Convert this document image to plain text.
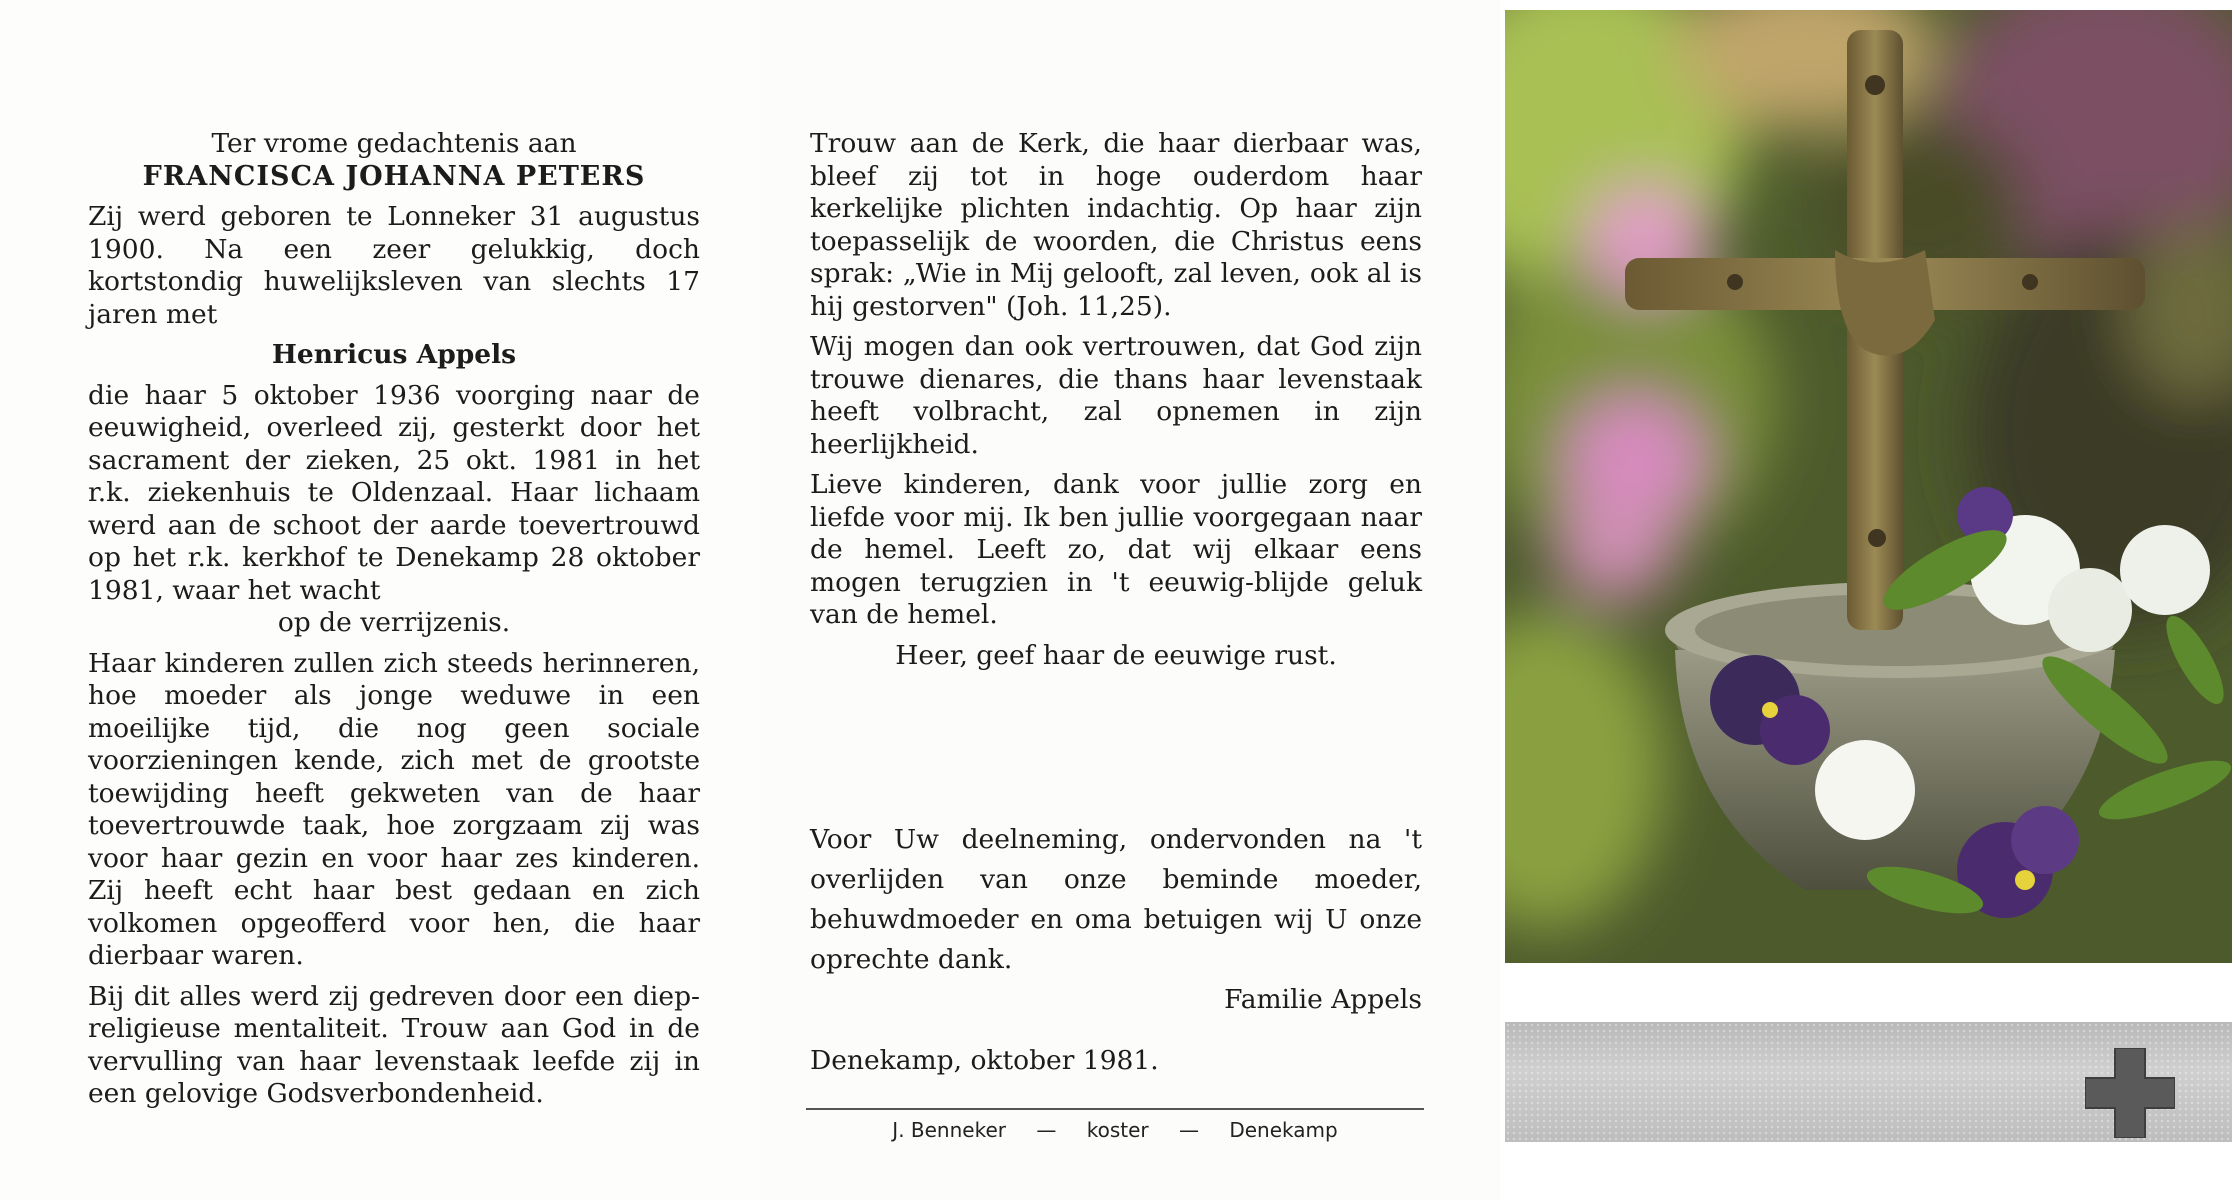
Ter vrome gedachtenis aan

FRANCISCA JOHANNA PETERS

Zij werd geboren te Lonneker 31 augustus 1900. Na een zeer gelukkig, doch kortstondig huwelijksleven van slechts 17 jaren met

Henricus Appels

die haar 5 oktober 1936 voorging naar de eeuwigheid, overleed zij, gesterkt door het sacrament der zieken, 25 okt. 1981 in het r.k. ziekenhuis te Oldenzaal. Haar lichaam werd aan de schoot der aarde toevertrouwd op het r.k. kerkhof te Denekamp 28 oktober 1981, waar het wacht

op de verrijzenis.

Haar kinderen zullen zich steeds herinneren, hoe moeder als jonge weduwe in een moeilijke tijd, die nog geen sociale voorzieningen kende, zich met de grootste toewijding heeft gekweten van de haar toevertrouwde taak, hoe zorgzaam zij was voor haar gezin en voor haar zes kinderen. Zij heeft echt haar best gedaan en zich volkomen opgeofferd voor hen, die haar dierbaar waren.

Bij dit alles werd zij gedreven door een diep-religieuse mentaliteit. Trouw aan God in de vervulling van haar levenstaak leefde zij in een gelovige Godsverbondenheid.

Trouw aan de Kerk, die haar dierbaar was, bleef zij tot in hoge ouderdom haar kerkelijke plichten indachtig. Op haar zijn toepasselijk de woorden, die Christus eens sprak: „Wie in Mij gelooft, zal leven, ook al is hij gestorven" (Joh. 11,25).

Wij mogen dan ook vertrouwen, dat God zijn trouwe dienares, die thans haar levenstaak heeft volbracht, zal opnemen in zijn heerlijkheid.

Lieve kinderen, dank voor jullie zorg en liefde voor mij. Ik ben jullie voorgegaan naar de hemel. Leeft zo, dat wij elkaar eens mogen terugzien in 't eeuwig-blijde geluk van de hemel.

Heer, geef haar de eeuwige rust.

Voor Uw deelneming, ondervonden na 't overlijden van onze beminde moeder, behuwdmoeder en oma betuigen wij U onze oprechte dank.

Familie Appels

Denekamp, oktober 1981.
J. Benneker — koster — Denekamp
